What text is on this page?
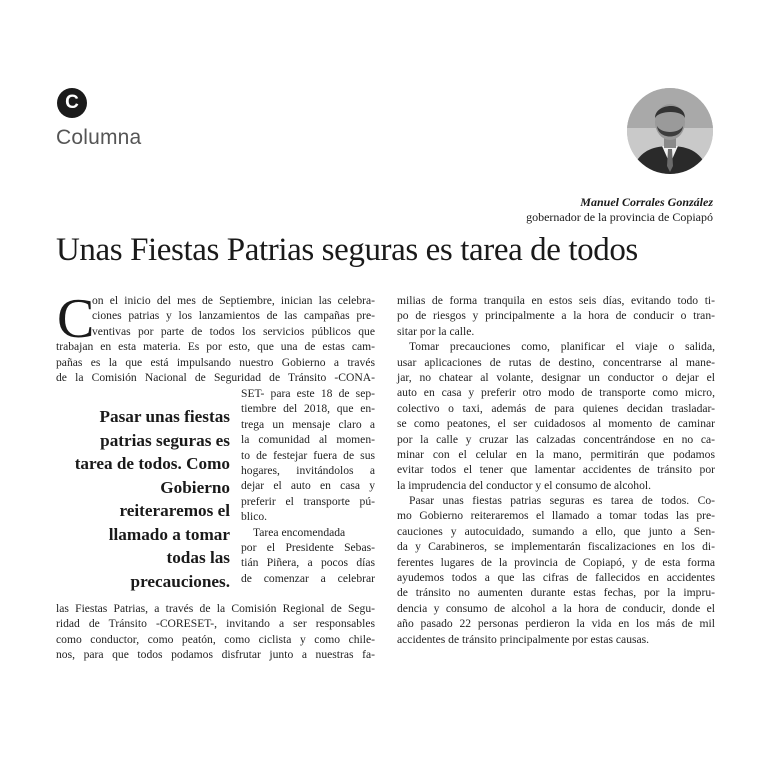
C
Columna
Manuel Corrales González
gobernador de la provincia de Copiapó
Unas Fiestas Patrias seguras es tarea de todos
C
on el inicio del mes de Septiembre, inician las celebra-
ciones patrias y los lanzamientos de las campañas pre-
ventivas por parte de todos los servicios públicos que
trabajan en esta materia. Es por esto, que una de estas cam-
pañas es la que está impulsando nuestro Gobierno a través
de la Comisión Nacional de Seguridad de Tránsito -CONA-
Pasar unas fiestas
patrias seguras es
tarea de todos. Como
Gobierno
reiteraremos el
llamado a tomar
todas las
precauciones.
SET- para este 18 de sep-
tiembre del 2018, que en-
trega un mensaje claro a
la comunidad al momen-
to de festejar fuera de sus
hogares, invitándolos a
dejar el auto en casa y
preferir el transporte pú-
blico.
Tarea encomendada
por el Presidente Sebas-
tián Piñera, a pocos días
de comenzar a celebrar
las Fiestas Patrias, a través de la Comisión Regional de Segu-
ridad de Tránsito -CORESET-, invitando a ser responsables
como conductor, como peatón, como ciclista y como chile-
nos, para que todos podamos disfrutar junto a nuestras fa-
milias de forma tranquila en estos seis días, evitando todo ti-
po de riesgos y principalmente a la hora de conducir o tran-
sitar por la calle.
Tomar precauciones como, planificar el viaje o salida,
usar aplicaciones de rutas de destino, concentrarse al mane-
jar, no chatear al volante, designar un conductor o dejar el
auto en casa y preferir otro modo de transporte como micro,
colectivo o taxi, además de para quienes decidan trasladar-
se como peatones, el ser cuidadosos al momento de caminar
por la calle y cruzar las calzadas concentrándose en no ca-
minar con el celular en la mano, permitirán que podamos
evitar todos el tener que lamentar accidentes de tránsito por
la imprudencia del conductor y el consumo de alcohol.
Pasar unas fiestas patrias seguras es tarea de todos. Co-
mo Gobierno reiteraremos el llamado a tomar todas las pre-
cauciones y autocuidado, sumando a ello, que junto a Sen-
da y Carabineros, se implementarán fiscalizaciones en los di-
ferentes lugares de la provincia de Copiapó, y de esta forma
ayudemos todos a que las cifras de fallecidos en accidentes
de tránsito no aumenten durante estas fechas, por la impru-
dencia y consumo de alcohol a la hora de conducir, donde el
año pasado 22 personas perdieron la vida en los más de mil
accidentes de tránsito principalmente por estas causas.
